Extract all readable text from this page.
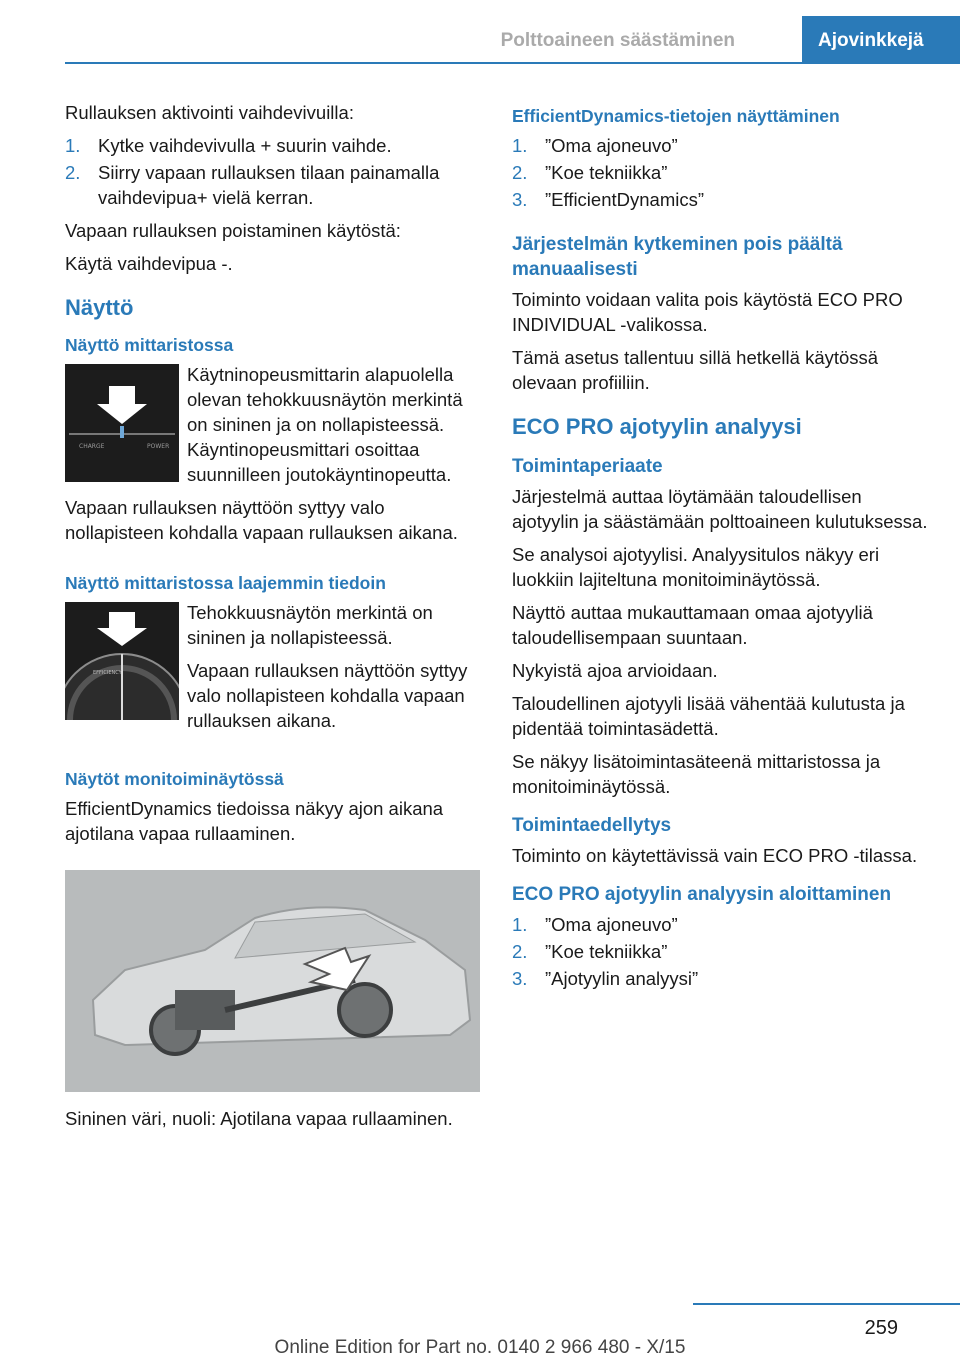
Polttoaineen säästäminen	Ajovinkkejä

Rullauksen aktivointi vaihdevivuilla:

1. Kytke vaihdevivulla + suurin vaihde.
2. Siirry vapaan rullauksen tilaan painamalla vaihdevipua+ vielä kerran.

Vapaan rullauksen poistaminen käytöstä:

Käytä vaihdevipua -.

Näyttö
Näyttö mittaristossa
CHARGE	POWER

Käytninopeusmittarin alapuolella olevan tehokkuusnäytön merkintä on sininen ja on nollapisteessä. Käyntinopeusmittari osoittaa suunnilleen joutokäyntinopeutta.

Vapaan rullauksen näyttöön syttyy valo nollapisteen kohdalla vapaan rullauksen aikana.

Näyttö mittaristossa laajemmin tiedoin
EFFICIENCY

Tehokkuusnäytön merkintä on sininen ja nollapisteessä.

Vapaan rullauksen näyttöön syttyy valo nollapisteen kohdalla vapaan rullauksen aikana.

Näytöt monitoiminäytössä

EfficientDynamics tiedoissa näkyy ajon aikana ajotilana vapaa rullaaminen.

Sininen väri, nuoli: Ajotilana vapaa rullaaminen.

EfficientDynamics-tietojen näyttäminen
1. ”Oma ajoneuvo”
2. ”Koe tekniikka”
3. ”EfficientDynamics”
Järjestelmän kytkeminen pois päältä manuaalisesti

Toiminto voidaan valita pois käytöstä ECO PRO INDIVIDUAL -valikossa.

Tämä asetus tallentuu sillä hetkellä käytössä olevaan profiiliin.

ECO PRO ajotyylin analyysi
Toimintaperiaate

Järjestelmä auttaa löytämään taloudellisen ajotyylin ja säästämään polttoaineen kulutuksessa.

Se analysoi ajotyylisi. Analyysitulos näkyy eri luokkiin lajiteltuna monitoiminäytössä.

Näyttö auttaa mukauttamaan omaa ajotyyliä taloudellisempaan suuntaan.

Nykyistä ajoa arvioidaan.

Taloudellinen ajotyyli lisää vähentää kulutusta ja pidentää toimintasädettä.

Se näkyy lisätoimintasäteenä mittaristossa ja monitoiminäytössä.

Toimintaedellytys

Toiminto on käytettävissä vain ECO PRO -tilassa.

ECO PRO ajotyylin analyysin aloittaminen
1. ”Oma ajoneuvo”
2. ”Koe tekniikka”
3. ”Ajotyylin analyysi”
259
Online Edition for Part no. 0140 2 966 480 - X/15
